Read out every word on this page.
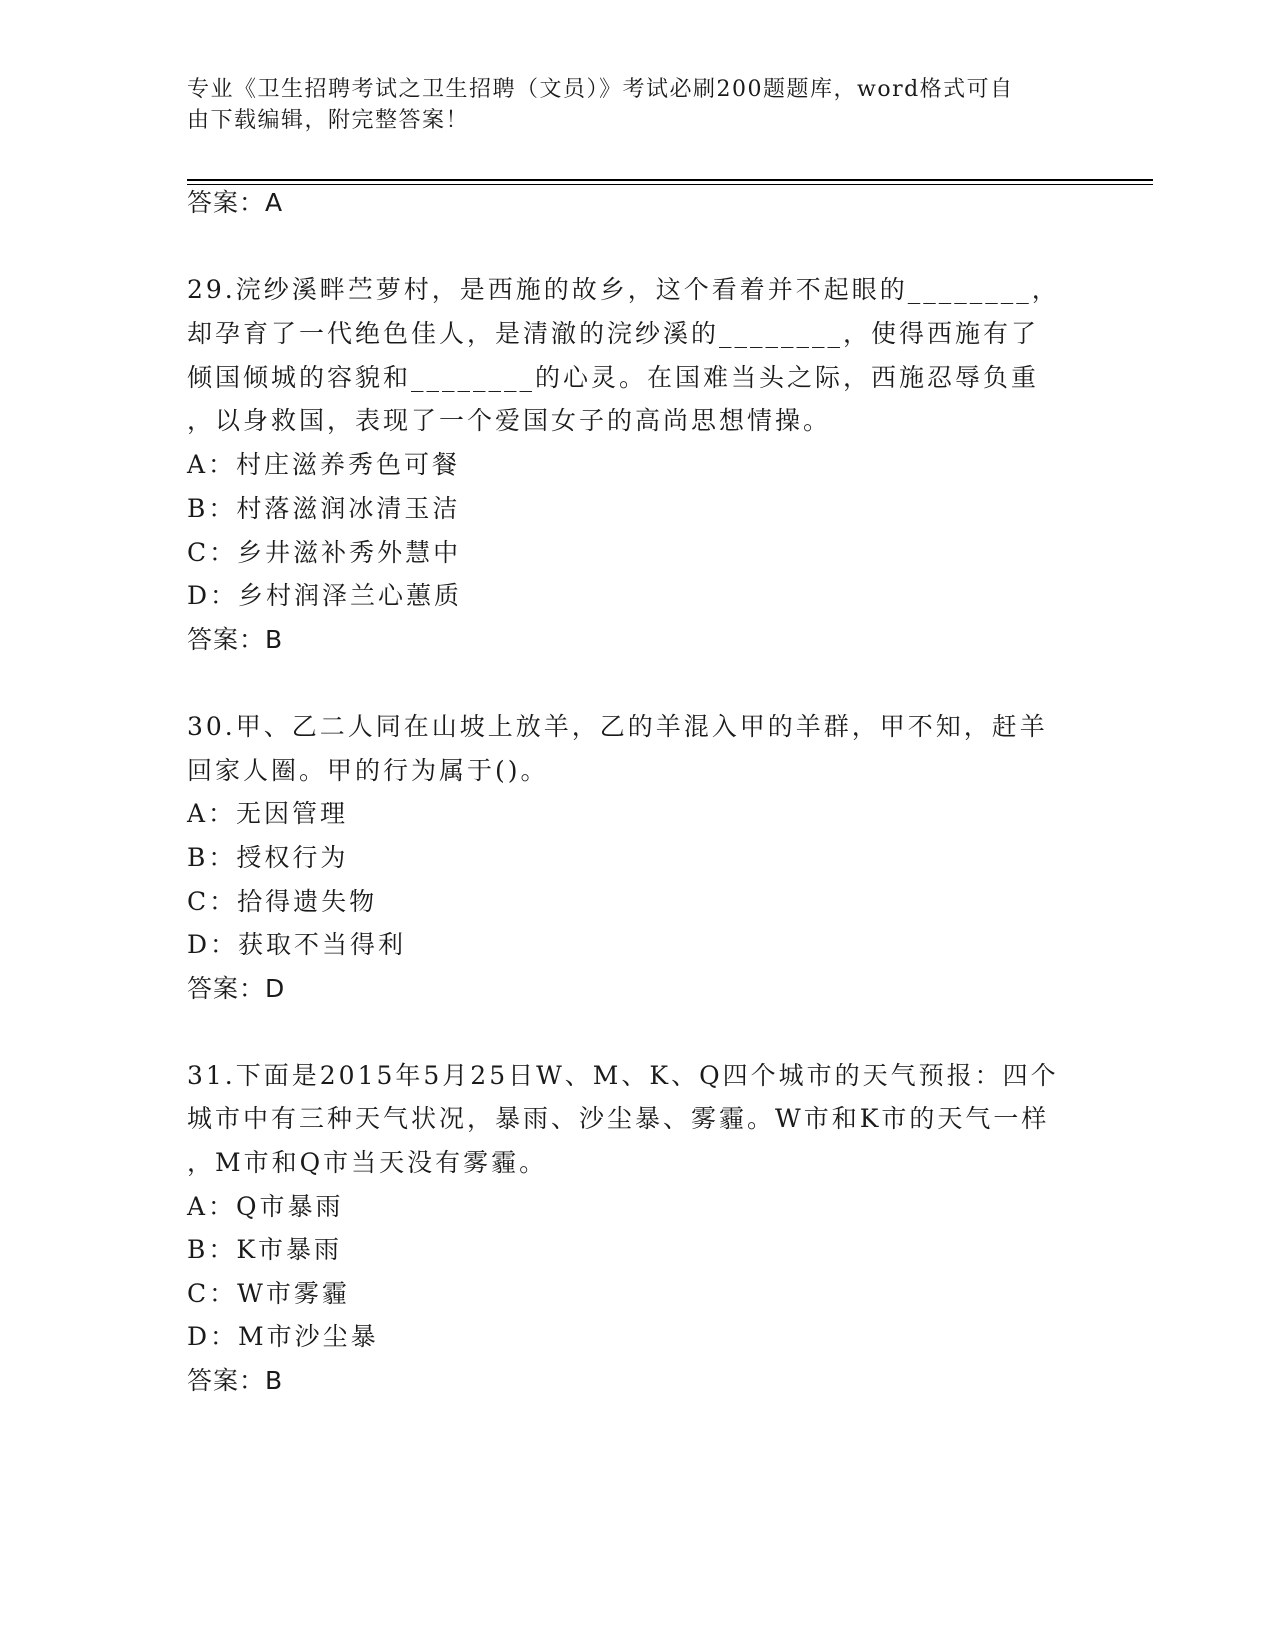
专业《卫生招聘考试之卫生招聘（文员）》考试必刷200题题库，word格式可自
由下载编辑，附完整答案！
答案：A
29.浣纱溪畔苎萝村，是西施的故乡，这个看着并不起眼的________，
却孕育了一代绝色佳人，是清澈的浣纱溪的________，使得西施有了
倾国倾城的容貌和________的心灵。在国难当头之际，西施忍辱负重
，以身救国，表现了一个爱国女子的高尚思想情操。
A：村庄滋养秀色可餐
B：村落滋润冰清玉洁
C：乡井滋补秀外慧中
D：乡村润泽兰心蕙质
答案：B
30.甲、乙二人同在山坡上放羊，乙的羊混入甲的羊群，甲不知，赶羊
回家人圈。甲的行为属于()。
A：无因管理
B：授权行为
C：拾得遗失物
D：获取不当得利
答案：D
31.下面是2015年5月25日W、M、K、Q四个城市的天气预报：四个
城市中有三种天气状况，暴雨、沙尘暴、雾霾。W市和K市的天气一样
，M市和Q市当天没有雾霾。
A：Q市暴雨
B：K市暴雨
C：W市雾霾
D：M市沙尘暴
答案：B
